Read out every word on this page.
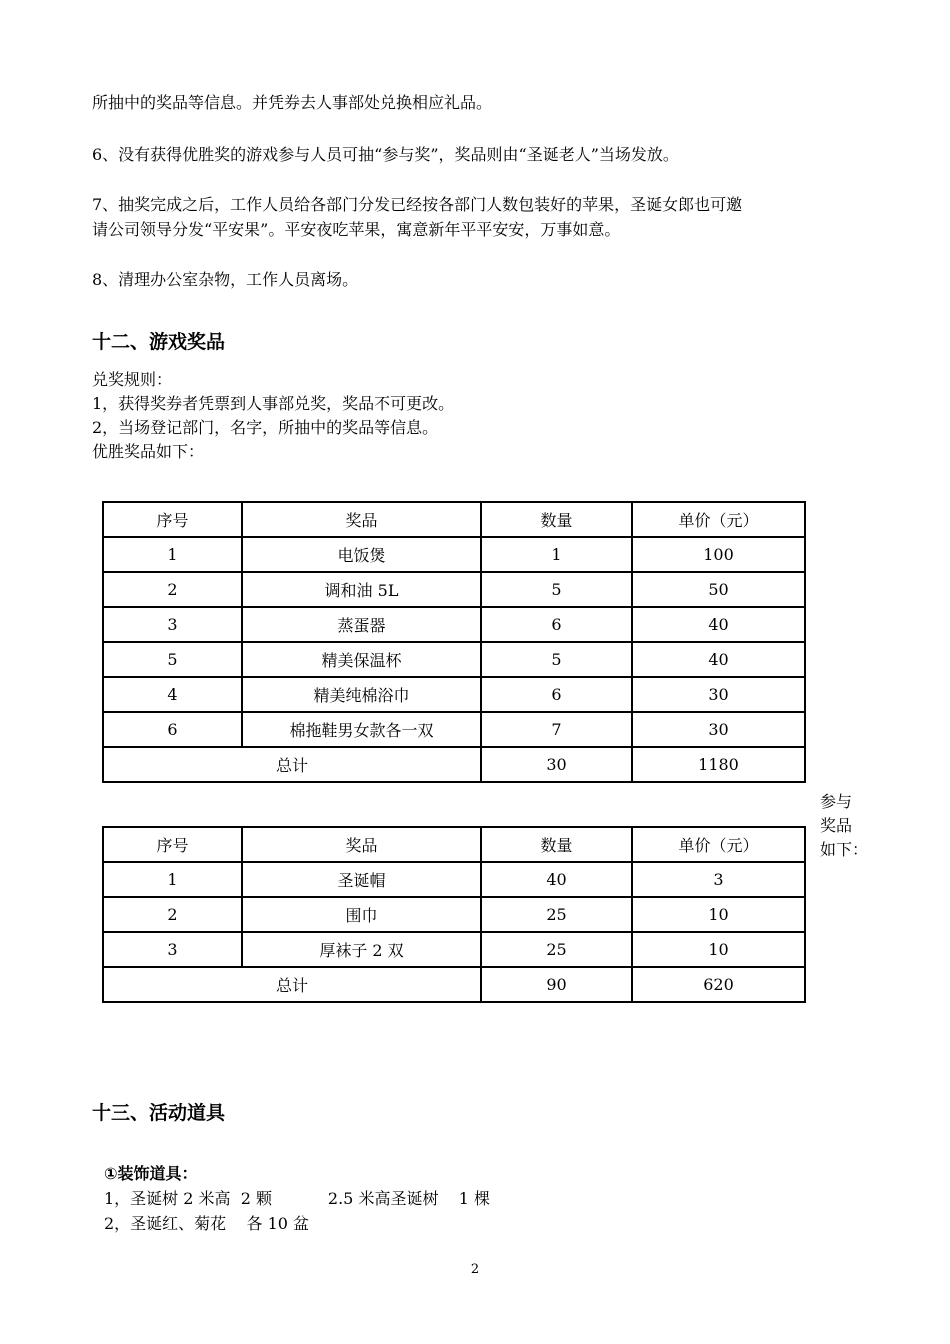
所抽中的奖品等信息。并凭券去人事部处兑换相应礼品。
6、没有获得优胜奖的游戏参与人员可抽“参与奖”，奖品则由“圣诞老人”当场发放。
7、抽奖完成之后，工作人员给各部门分发已经按各部门人数包装好的苹果，圣诞女郎也可邀
请公司领导分发“平安果”。平安夜吃苹果，寓意新年平平安安，万事如意。
8、清理办公室杂物，工作人员离场。
十二、游戏奖品
兑奖规则：
1，获得奖券者凭票到人事部兑奖，奖品不可更改。
2，当场登记部门，名字，所抽中的奖品等信息。
优胜奖品如下：
序号	奖品	数量	单价（元）
1	电饭煲	1	100
2	调和油 5L	5	50
3	蒸蛋器	6	40
5	精美保温杯	5	40
4	精美纯棉浴巾	6	30
6	棉拖鞋男女款各一双	7	30
总计		30	1180
参与
奖品
如下：
序号	奖品	数量	单价（元）
1	圣诞帽	40	3
2	围巾	25	10
3	厚袜子 2 双	25	10
总计		90	620
十三、活动道具
①装饰道具：
1，圣诞树 2 米高  2 颗           2.5 米高圣诞树    1 棵
2，圣诞红、菊花    各 10 盆
2
